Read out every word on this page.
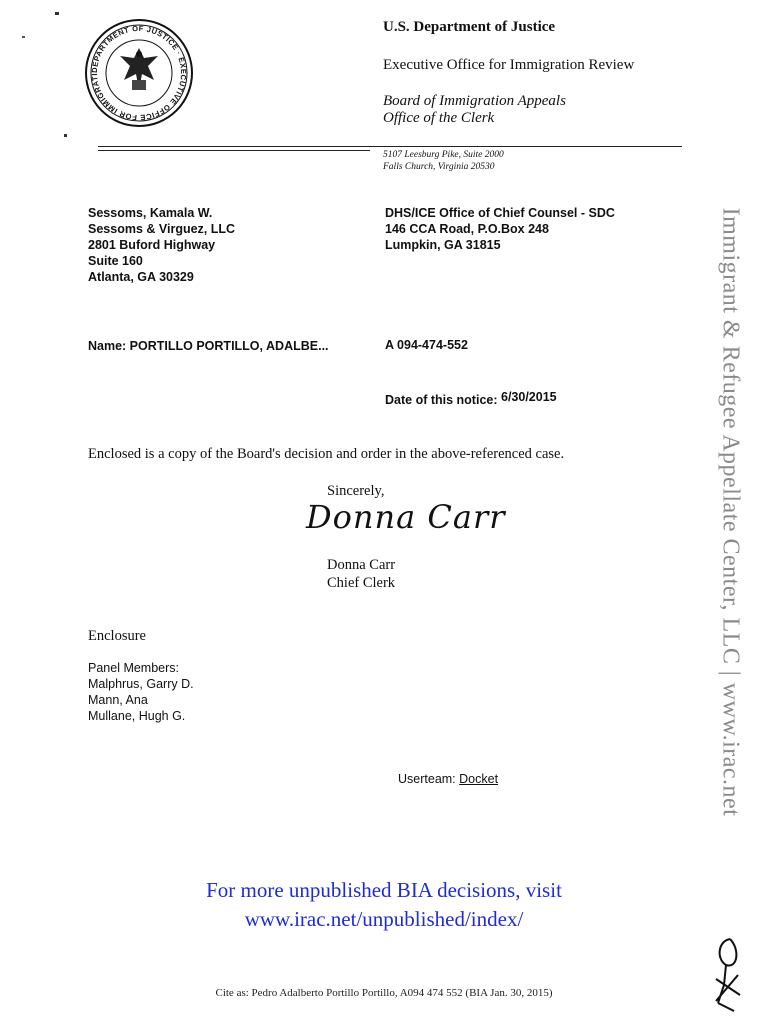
DEPARTMENT OF JUSTICE · EXECUTIVE OFFICE FOR IMMIGRATI
U.S. Department of Justice
Executive Office for Immigration Review
Board of Immigration Appeals
Office of the Clerk
5107 Leesburg Pike, Suite 2000
Falls Church, Virginia 20530
Sessoms, Kamala W.
Sessoms & Virguez, LLC
2801 Buford Highway
Suite 160
Atlanta, GA 30329
DHS/ICE Office of Chief Counsel - SDC
146 CCA Road, P.O.Box 248
Lumpkin, GA 31815
Name: PORTILLO PORTILLO, ADALBE...	A 094-474-552
Date of this notice: 6/30/2015
Enclosed is a copy of the Board's decision and order in the above-referenced case.
Sincerely,
Donna Carr
Donna Carr
Chief Clerk
Enclosure
Panel Members:
Malphrus, Garry D.
Mann, Ana
Mullane, Hugh G.
Userteam: Docket
For more unpublished BIA decisions, visit
www.irac.net/unpublished/index/
Immigrant & Refugee Appellate Center, LLC | www.irac.net
Cite as: Pedro Adalberto Portillo Portillo, A094 474 552 (BIA Jan. 30, 2015)
